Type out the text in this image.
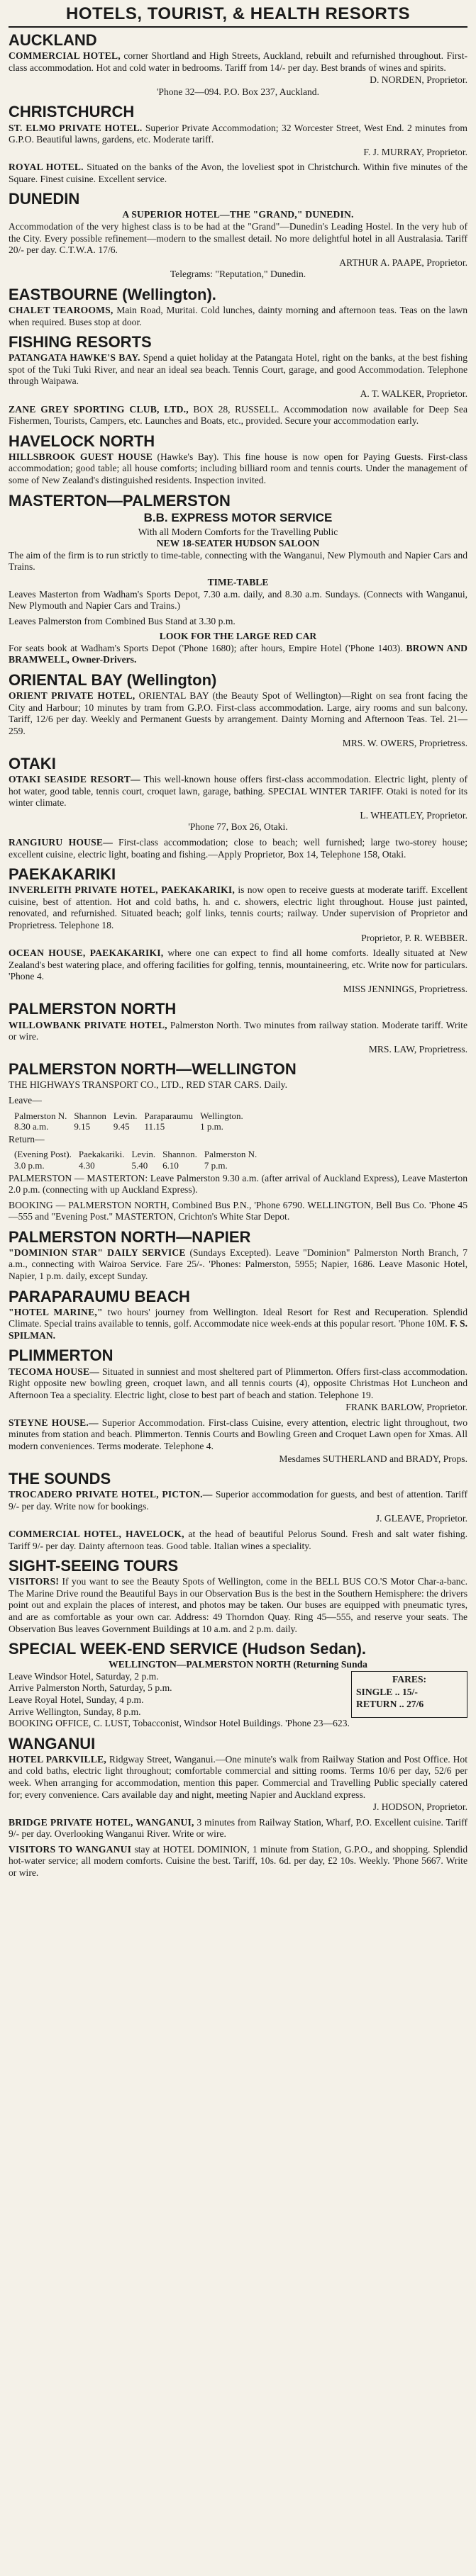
HOTELS, TOURIST, & HEALTH RESORTS
AUCKLAND

COMMERCIAL HOTEL, corner Shortland and High Streets, Auckland, rebuilt and refurnished throughout. First-class accommodation. Hot and cold water in bedrooms. Tariff from 14/- per day. Best brands of wines and spirits.
D. NORDEN, Proprietor.
'Phone 32—094. P.O. Box 237, Auckland.

CHRISTCHURCH

ST. ELMO PRIVATE HOTEL. Superior Private Accommodation; 32 Worcester Street, West End. 2 minutes from G.P.O. Beautiful lawns, gardens, etc. Moderate tariff.
F. J. MURRAY, Proprietor.

ROYAL HOTEL. Situated on the banks of the Avon, the loveliest spot in Christchurch. Within five minutes of the Square. Finest cuisine. Excellent service.

DUNEDIN

A SUPERIOR HOTEL—THE "GRAND," DUNEDIN.
Accommodation of the very highest class is to be had at the "Grand"—Dunedin's Leading Hostel. In the very hub of the City. Every possible refinement—modern to the smallest detail. No more delightful hotel in all Australasia. Tariff 20/- per day. C.T.W.A. 17/6.
ARTHUR A. PAAPE, Proprietor.
Telegrams: "Reputation," Dunedin.

EASTBOURNE (Wellington).

CHALET TEAROOMS, Main Road, Muritai. Cold lunches, dainty morning and afternoon teas. Teas on the lawn when required. Buses stop at door.

FISHING RESORTS

PATANGATA HAWKE'S BAY. Spend a quiet holiday at the Patangata Hotel, right on the banks, at the best fishing spot of the Tuki Tuki River, and near an ideal sea beach. Tennis Court, garage, and good Accommodation. Telephone through Waipawa.
A. T. WALKER, Proprietor.

ZANE GREY SPORTING CLUB, LTD., BOX 28, RUSSELL. Accommodation now available for Deep Sea Fishermen, Tourists, Campers, etc. Launches and Boats, etc., provided. Secure your accommodation early.

HAVELOCK NORTH

HILLSBROOK GUEST HOUSE (Hawke's Bay). This fine house is now open for Paying Guests. First-class accommodation; good table; all house comforts; including billiard room and tennis courts. Under the management of some of New Zealand's distinguished residents. Inspection invited.

MASTERTON—PALMERSTON
B.B. EXPRESS MOTOR SERVICE
With all Modern Comforts for the Travelling Public
NEW 18-SEATER HUDSON SALOON

The aim of the firm is to run strictly to time-table, connecting with the Wanganui, New Plymouth and Napier Cars and Trains.

TIME-TABLE

Leaves Masterton from Wadham's Sports Depot, 7.30 a.m. daily, and 8.30 a.m. Sundays. (Connects with Wanganui, New Plymouth and Napier Cars and Trains.)

Leaves Palmerston from Combined Bus Stand at 3.30 p.m.

LOOK FOR THE LARGE RED CAR

For seats book at Wadham's Sports Depot ('Phone 1680); after hours, Empire Hotel ('Phone 1403). BROWN AND BRAMWELL, Owner-Drivers.

ORIENTAL BAY (Wellington)

ORIENT PRIVATE HOTEL, ORIENTAL BAY (the Beauty Spot of Wellington)—Right on sea front facing the City and Harbour; 10 minutes by tram from G.P.O. First-class accommodation. Large, airy rooms and sun balcony. Tariff, 12/6 per day. Weekly and Permanent Guests by arrangement. Dainty Morning and Afternoon Teas. Tel. 21—259.
MRS. W. OWERS, Proprietress.

OTAKI

OTAKI SEASIDE RESORT— This well-known house offers first-class accommodation. Electric light, plenty of hot water, good table, tennis court, croquet lawn, garage, bathing. SPECIAL WINTER TARIFF. Otaki is noted for its winter climate.
L. WHEATLEY, Proprietor.
'Phone 77, Box 26, Otaki.

RANGIURU HOUSE— First-class accommodation; close to beach; well furnished; large two-storey house; excellent cuisine, electric light, boating and fishing.—Apply Proprietor, Box 14, Telephone 158, Otaki.

PAEKAKARIKI

INVERLEITH PRIVATE HOTEL, PAEKAKARIKI, is now open to receive guests at moderate tariff. Excellent cuisine, best of attention. Hot and cold baths, h. and c. showers, electric light throughout. House just painted, renovated, and refurnished. Situated beach; golf links, tennis courts; railway. Under supervision of Proprietor and Proprietress. Telephone 18.
Proprietor, P. R. WEBBER.

OCEAN HOUSE, PAEKAKARIKI, where one can expect to find all home comforts. Ideally situated at New Zealand's best watering place, and offering facilities for golfing, tennis, mountaineering, etc. Write now for particulars. 'Phone 4.
MISS JENNINGS, Proprietress.

PALMERSTON NORTH

WILLOWBANK PRIVATE HOTEL, Palmerston North. Two minutes from railway station. Moderate tariff. Write or wire.
MRS. LAW, Proprietress.

PALMERSTON NORTH—WELLINGTON

THE HIGHWAYS TRANSPORT CO., LTD., RED STAR CARS. Daily.

Leave—
Palmerston N.	Shannon	Levin.	Paraparaumu	Wellington.
8.30 a.m.	9.15	9.45	11.15	1 p.m.
Return—
(Evening Post).	Paekakariki.	Levin.	Shannon.	Palmerston N.
3.0 p.m.	4.30	5.40	6.10	7 p.m.

PALMERSTON — MASTERTON: Leave Palmerston 9.30 a.m. (after arrival of Auckland Express), Leave Masterton 2.0 p.m. (connecting with up Auckland Express).

BOOKING — PALMERSTON NORTH, Combined Bus P.N., 'Phone 6790. WELLINGTON, Bell Bus Co. 'Phone 45—555 and "Evening Post." MASTERTON, Crichton's White Star Depot.

PALMERSTON NORTH—NAPIER

"DOMINION STAR" DAILY SERVICE (Sundays Excepted). Leave "Dominion" Palmerston North Branch, 7 a.m., connecting with Wairoa Service. Fare 25/-. 'Phones: Palmerston, 5955; Napier, 1686. Leave Masonic Hotel, Napier, 1 p.m. daily, except Sunday.

PARAPARAUMU BEACH

"HOTEL MARINE," two hours' journey from Wellington. Ideal Resort for Rest and Recuperation. Splendid Climate. Special trains available to tennis, golf. Accommodate nice week-ends at this popular resort. 'Phone 10M. F. S. SPILMAN.

PLIMMERTON

TECOMA HOUSE— Situated in sunniest and most sheltered part of Plimmerton. Offers first-class accommodation. Right opposite new bowling green, croquet lawn, and all tennis courts (4), opposite Christmas Hot Luncheon and Afternoon Tea a speciality. Electric light, close to best part of beach and station. Telephone 19.
FRANK BARLOW, Proprietor.

STEYNE HOUSE.— Superior Accommodation. First-class Cuisine, every attention, electric light throughout, two minutes from station and beach. Plimmerton. Tennis Courts and Bowling Green and Croquet Lawn open for Xmas. All modern conveniences. Terms moderate. Telephone 4.
Mesdames SUTHERLAND and BRADY, Props.

THE SOUNDS

TROCADERO PRIVATE HOTEL, PICTON.— Superior accommodation for guests, and best of attention. Tariff 9/- per day. Write now for bookings.
J. GLEAVE, Proprietor.

COMMERCIAL HOTEL, HAVELOCK, at the head of beautiful Pelorus Sound. Fresh and salt water fishing. Tariff 9/- per day. Dainty afternoon teas. Good table. Italian wines a speciality.

SIGHT-SEEING TOURS

VISITORS! If you want to see the Beauty Spots of Wellington, come in the BELL BUS CO.'S Motor Char-a-banc. The Marine Drive round the Beautiful Bays in our Observation Bus is the best in the Southern Hemisphere: the drivers point out and explain the places of interest, and photos may be taken. Our buses are equipped with pneumatic tyres, and are as comfortable as your own car. Address: 49 Thorndon Quay. Ring 45—555, and reserve your seats. The Observation Bus leaves Government Buildings at 10 a.m. and 2 p.m. daily.

SPECIAL WEEK-END SERVICE (Hudson Sedan).
WELLINGTON—PALMERSTON NORTH (Returning Sunda
Leave Windsor Hotel, Saturday, 2 p.m.
Arrive Palmerston North, Saturday, 5 p.m.
Leave Royal Hotel, Sunday, 4 p.m.
Arrive Wellington, Sunday, 8 p.m.
FARES:
SINGLE .. 15/-
RETURN .. 27/6

BOOKING OFFICE, C. LUST, Tobacconist, Windsor Hotel Buildings. 'Phone 23—623.

WANGANUI

HOTEL PARKVILLE, Ridgway Street, Wanganui.—One minute's walk from Railway Station and Post Office. Hot and cold baths, electric light throughout; comfortable commercial and sitting rooms. Terms 10/6 per day, 52/6 per week. When arranging for accommodation, mention this paper. Commercial and Travelling Public specially catered for; every convenience. Cars available day and night, meeting Napier and Auckland express.
J. HODSON, Proprietor.

BRIDGE PRIVATE HOTEL, WANGANUI, 3 minutes from Railway Station, Wharf, P.O. Excellent cuisine. Tariff 9/- per day. Overlooking Wanganui River. Write or wire.

VISITORS TO WANGANUI stay at HOTEL DOMINION, 1 minute from Station, G.P.O., and shopping. Splendid hot-water service; all modern comforts. Cuisine the best. Tariff, 10s. 6d. per day, £2 10s. Weekly. 'Phone 5667. Write or wire.
